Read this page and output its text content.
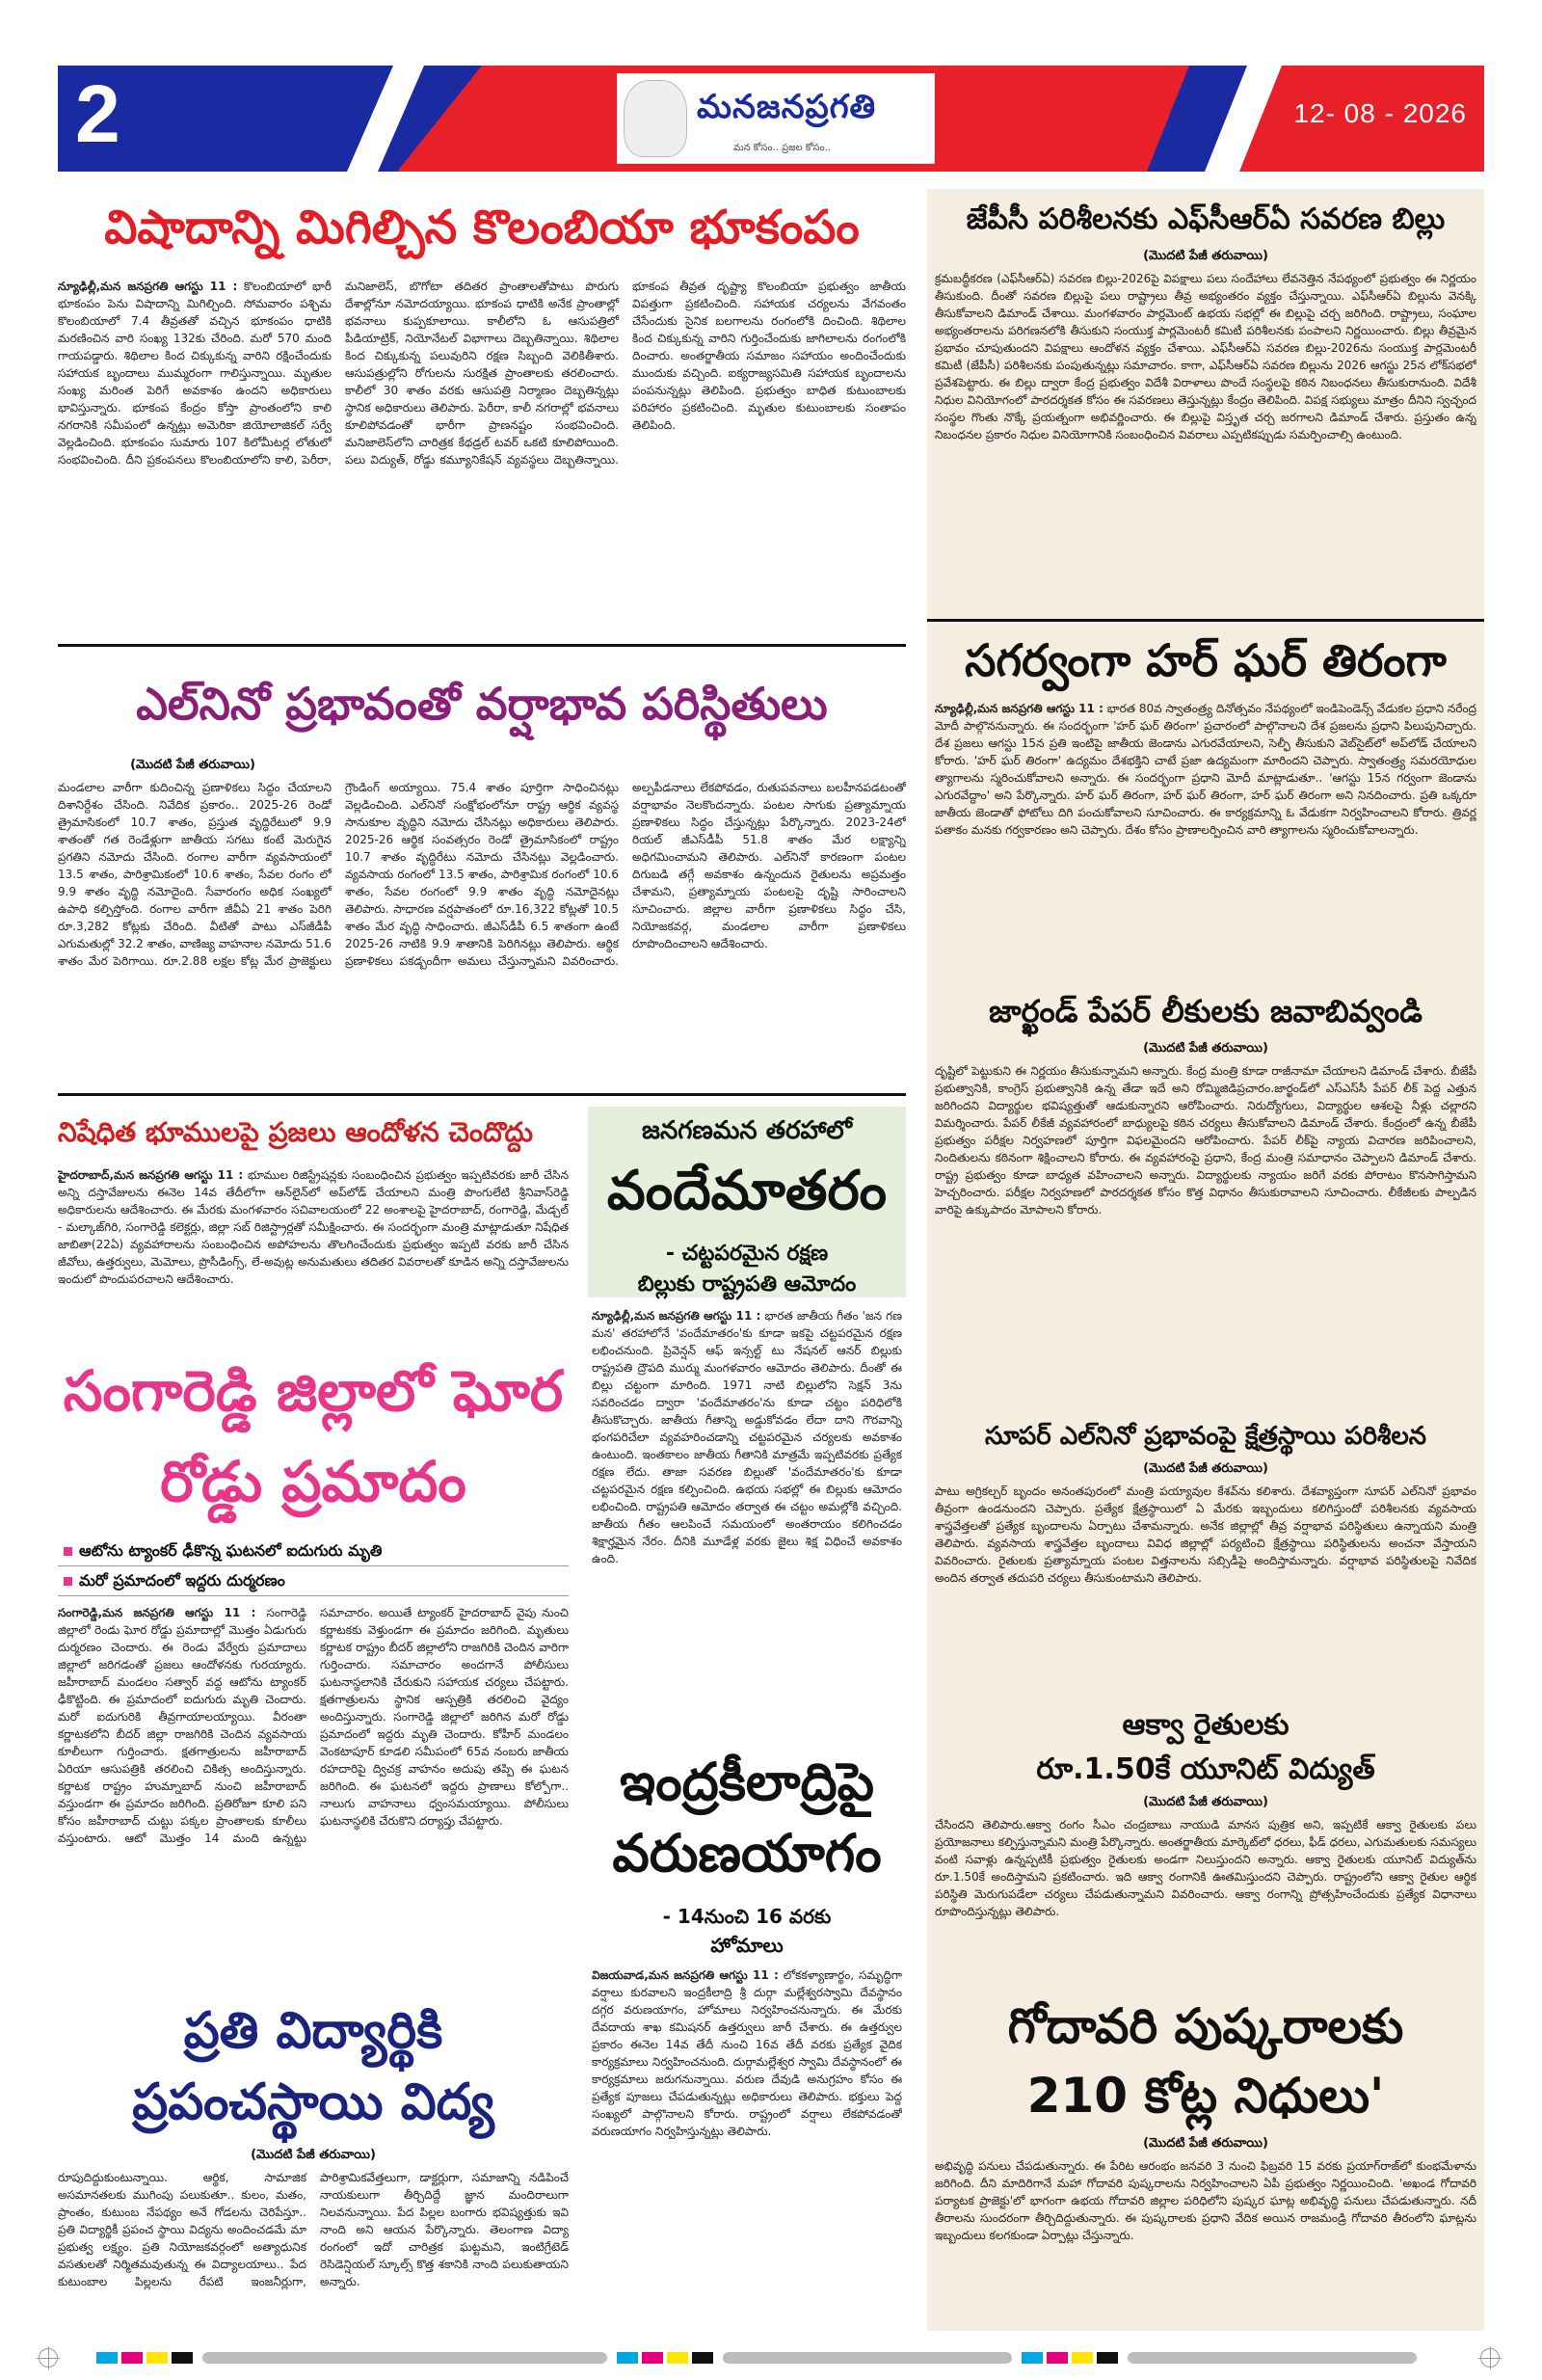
2	మనజనప్రగతి
మన కోసం.. ప్రజల కోసం..
12- 08 - 2026
విషాదాన్ని మిగిల్చిన కొలంబియా భూకంపం
న్యూఢిల్లీ,మన జనప్రగతి ఆగస్టు 11 : కొలంబియాలో భారీ భూకంపం పెను విషాదాన్ని మిగిల్చింది. సోమవారం పశ్చిమ కొలంబియాలో 7.4 తీవ్రతతో వచ్చిన భూకంపం ధాటికి మరణించిన వారి సంఖ్య 132కు చేరింది. మరో 570 మంది గాయపడ్డారు. శిథిలాల కింద చిక్కుకున్న వారిని రక్షించేందుకు సహాయక బృందాలు ముమ్మరంగా గాలిస్తున్నాయి. మృతుల సంఖ్య మరింత పెరిగే అవకాశం ఉందని అధికారులు భావిస్తున్నారు. భూకంప కేంద్రం కోస్తా ప్రాంతంలోని కాలి నగరానికి సమీపంలో ఉన్నట్లు అమెరికా జియోలాజికల్ సర్వే వెల్లడించింది. భూకంపం సుమారు 107 కిలోమీటర్ల లోతులో సంభవించింది. దీని ప్రకంపనలు కొలంబియాలోని కాలి, పెరీరా, మనిజాలెస్, బొగోటా తదితర ప్రాంతాలతోపాటు పొరుగు దేశాల్లోనూ నమోదయ్యాయి. భూకంప ధాటికి అనేక ప్రాంతాల్లో భవనాలు కుప్పకూలాయి. కాలీలోని ఓ ఆసుపత్రిలో పీడియాట్రిక్, నియోనేటల్ విభాగాలు దెబ్బతిన్నాయి. శిథిలాల కింద చిక్కుకున్న పలువురిని రక్షణ సిబ్బంది వెలికితీశారు. ఆసుపత్రుల్లోని రోగులను సురక్షిత ప్రాంతాలకు తరలించారు. కాలీలో 30 శాతం వరకు ఆసుపత్రి నిర్మాణం దెబ్బతిన్నట్లు స్థానిక అధికారులు తెలిపారు. పెరీరా, కాలీ నగరాల్లో భవనాలు కూలిపోవడంతో భారీగా ప్రాణనష్టం సంభవించింది. మనిజాలెస్‌లోని చారిత్రక కేథడ్రల్ టవర్ ఒకటి కూలిపోయింది. పలు విద్యుత్, రోడ్డు కమ్యూనికేషన్ వ్యవస్థలు దెబ్బతిన్నాయి. భూకంప తీవ్రత దృష్ట్యా కొలంబియా ప్రభుత్వం జాతీయ విపత్తుగా ప్రకటించింది. సహాయక చర్యలను వేగవంతం చేసేందుకు సైనిక బలగాలను రంగంలోకి దించింది. శిథిలాల కింద చిక్కుకున్న వారిని గుర్తించేందుకు జాగిలాలను రంగంలోకి దించారు. అంతర్జాతీయ సమాజం సహాయం అందించేందుకు ముందుకు వచ్చింది. ఐక్యరాజ్యసమితి సహాయక బృందాలను పంపనున్నట్లు తెలిపింది. ప్రభుత్వం బాధిత కుటుంబాలకు పరిహారం ప్రకటించింది. మృతుల కుటుంబాలకు సంతాపం తెలిపింది.
ఎల్‌నినో ప్రభావంతో వర్షాభావ పరిస్థితులు
(మొదటి పేజీ తరువాయి)
మండలాల వారీగా కుదించిన్న ప్రణాళికలు సిద్ధం చేయాలని దిశానిర్దేశం చేసింది. నివేదిక ప్రకారం.. 2025-26 రెండో త్రైమాసికంలో 10.7 శాతం, ప్రస్తుత వృద్ధిరేటులో 9.9 శాతంతో గత రెండేళ్లుగా జాతీయ సగటు కంటే మెరుగైన ప్రగతిని నమోదు చేసింది. రంగాల వారీగా వ్యవసాయంలో 13.5 శాతం, పారిశ్రామికంలో 10.6 శాతం, సేవల రంగం లో 9.9 శాతం వృద్ధి నమోదైంది. సేవారంగం అధిక సంఖ్యలో ఉపాధి కల్పిస్తోంది. రంగాల వారీగా జీవీఏ 21 శాతం పెరిగి రూ.3,282 కోట్లకు చేరింది. వీటితో పాటు ఎస్‌జీడీపీ ఎగుమతుల్లో 32.2 శాతం, వాణిజ్య వాహనాల నమోదు 51.6 శాతం మేర పెరిగాయి. రూ.2.88 లక్షల కోట్ల మేర ప్రాజెక్టులు గ్రౌండింగ్ అయ్యాయి. 75.4 శాతం పూర్తిగా సాధించినట్లు వెల్లడించింది. ఎల్‌నినో సంక్షోభంలోనూ రాష్ట్ర ఆర్థిక వ్యవస్థ సానుకూల వృద్ధిని నమోదు చేసినట్లు అధికారులు తెలిపారు. 2025-26 ఆర్థిక సంవత్సరం రెండో త్రైమాసికంలో రాష్ట్రం 10.7 శాతం వృద్ధిరేటు నమోదు చేసినట్లు వెల్లడించారు. వ్యవసాయ రంగంలో 13.5 శాతం, పారిశ్రామిక రంగంలో 10.6 శాతం, సేవల రంగంలో 9.9 శాతం వృద్ధి నమోదైనట్లు తెలిపారు. సాధారణ వర్షపాతంలో రూ.16,322 కోట్లతో 10.5 శాతం మేర వృద్ధి సాధించారు. జీఎస్‌డీపీ 6.5 శాతంగా ఉంటే 2025-26 నాటికి 9.9 శాతానికి పెరిగినట్లు తెలిపారు. ఆర్థిక ప్రణాళికలు పకడ్బందీగా అమలు చేస్తున్నామని వివరించారు. అల్పపీడనాలు లేకపోవడం, రుతుపవనాలు బలహీనపడటంతో వర్షాభావం నెలకొందన్నారు. పంటల సాగుకు ప్రత్యామ్నాయ ప్రణాళికలు సిద్ధం చేస్తున్నట్లు పేర్కొన్నారు. 2023-24లో రియల్ జీఎస్‌డీపీ 51.8 శాతం మేర లక్ష్యాన్ని అధిగమించామని తెలిపారు. ఎల్‌నినో కారణంగా పంటల దిగుబడి తగ్గే అవకాశం ఉన్నందున రైతులను అప్రమత్తం చేశామని, ప్రత్యామ్నాయ పంటలపై దృష్టి సారించాలని సూచించారు. జిల్లాల వారీగా ప్రణాళికలు సిద్ధం చేసి, నియోజకవర్గ, మండలాల వారీగా ప్రణాళికలు రూపొందించాలని ఆదేశించారు.
నిషేధిత భూములపై ప్రజలు ఆందోళన చెందొద్దు
హైదరాబాద్,మన జనప్రగతి ఆగస్టు 11 : భూముల రిజిస్ట్రేషన్లకు సంబంధించిన ప్రభుత్వం ఇప్పటివరకు జారీ చేసిన అన్ని దస్తావేజులను ఈనెల 14వ తేదీలోగా ఆన్‌లైన్‌లో అప్‌లోడ్ చేయాలని మంత్రి పొంగులేటి శ్రీనివాస్‌రెడ్డి అధికారులను ఆదేశించారు. ఈ మేరకు మంగళవారం సచివాలయంలో 22 అంశాలపై హైదరాబాద్, రంగారెడ్డి, మేడ్చల్ - మల్కాజ్‌గిరి, సంగారెడ్డి కలెక్టర్లు, జిల్లా సబ్ రిజిస్ట్రార్లతో సమీక్షించారు. ఈ సందర్భంగా మంత్రి మాట్లాడుతూ నిషేధిత జాబితా(22ఏ) వ్యవహారాలను సంబంధించిన అపోహలను తొలగించేందుకు ప్రభుత్వం ఇప్పటి వరకు జారీ చేసిన జీవోలు, ఉత్తర్వులు, మెమోలు, ప్రొసీడింగ్స్, లే-అవుట్ల అనుమతులు తదితర వివరాలతో కూడిన అన్ని దస్తావేజులను ఇందులో పొందుపరచాలని ఆదేశించారు.
సంగారెడ్డి జిల్లాలో ఘోర రోడ్డు ప్రమాదం
ఆటోను ట్యాంకర్ ఢీకొన్న ఘటనలో ఐదుగురు మృతి
మరో ప్రమాదంలో ఇద్దరు దుర్మరణం
సంగారెడ్డి,మన జనప్రగతి ఆగస్టు 11 : సంగారెడ్డి జిల్లాలో రెండు ఘోర రోడ్డు ప్రమాదాల్లో మొత్తం ఏడుగురు దుర్మరణం చెందారు. ఈ రెండు వేర్వేరు ప్రమాదాలు జిల్లాలో జరిగడంతో ప్రజలు ఆందోళనకు గురయ్యారు. జహీరాబాద్ మండలం సత్వార్ వద్ద ఆటోను ట్యాంకర్ ఢీకొట్టింది. ఈ ప్రమాదంలో ఐదుగురు మృతి చెందారు. మరో ఐదుగురికి తీవ్రగాయాలయ్యాయి. వీరంతా కర్ణాటకలోని బీదర్ జిల్లా రాజగిరికి చెందిన వ్యవసాయ కూలీలుగా గుర్తించారు. క్షతగాత్రులను జహీరాబాద్ ఏరియా ఆసుపత్రికి తరలించి చికిత్స అందిస్తున్నారు. కర్ణాటక రాష్ట్రం హుమ్నాబాద్ నుంచి జహీరాబాద్ వస్తుండగా ఈ ప్రమాదం జరిగింది. ప్రతిరోజూ కూలి పని కోసం జహీరాబాద్ చుట్టు పక్కల ప్రాంతాలకు కూలీలు వస్తుంటారు. ఆటో మొత్తం 14 మంది ఉన్నట్టు సమాచారం. అయితే ట్యాంకర్ హైదరాబాద్ వైపు నుంచి కర్ణాటకకు వెళ్తుండగా ఈ ప్రమాదం జరిగింది. మృతులు కర్ణాటక రాష్ట్రం బీదర్ జిల్లాలోని రాజగిరికి చెందిన వారిగా గుర్తించారు. సమాచారం అందగానే పోలీసులు ఘటనాస్థలానికి చేరుకుని సహాయక చర్యలు చేపట్టారు. క్షతగాత్రులను స్థానిక ఆస్పత్రికి తరలించి వైద్యం అందిస్తున్నారు. సంగారెడ్డి జిల్లాలో జరిగిన మరో రోడ్డు ప్రమాదంలో ఇద్దరు మృతి చెందారు. కోహీర్ మండలం వెంకటాపూర్ కూడలి సమీపంలో 65వ నంబరు జాతీయ రహదారిపై ద్విచక్ర వాహనం అదుపు తప్పి ఈ ఘటన జరిగింది. ఈ ఘటనలో ఇద్దరు ప్రాణాలు కోల్పోగా.. నాలుగు వాహనాలు ధ్వంసమయ్యాయి. పోలీసులు ఘటనాస్థలికి చేరుకొని దర్యాప్తు చేపట్టారు.
ప్రతి విద్యార్థికి ప్రపంచస్థాయి విద్య
(మొదటి పేజీ తరువాయి)
రూపుదిద్దుకుంటున్నాయి. ఆర్థిక, సామాజిక అసమానతలకు ముగింపు పలుకుతూ.. కులం, మతం, ప్రాంతం, కుటుంబ నేపథ్యం అనే గోడలను చెరిపేస్తూ.. ప్రతి విద్యార్థికీ ప్రపంచ స్థాయి విద్యను అందించడమే మా ప్రభుత్వ లక్ష్యం. ప్రతి నియోజకవర్గంలో అత్యాధునిక వసతులతో నిర్మితమవుతున్న ఈ విద్యాలయాలు.. పేద కుటుంబాల పిల్లలను రేపటి ఇంజనీర్లుగా, పారిశ్రామికవేత్తలుగా, డాక్టర్లుగా, సమాజాన్ని నడిపించే నాయకులుగా తీర్చిదిద్దే జ్ఞాన మందిరాలుగా నిలవనున్నాయి. పేద పిల్లల బంగారు భవిష్యత్తుకు ఇవి నాంది అని ఆయన పేర్కొన్నారు. తెలంగాణ విద్యా రంగంలో ఇదో చారిత్రక ఘట్టమని, ఇంటిగ్రేటెడ్ రెసిడెన్షియల్ స్కూల్స్ కొత్త శకానికి నాంది పలుకుతాయని అన్నారు.
జనగణమన తరహాలో
వందేమాతరం
- చట్టపరమైన రక్షణ
బిల్లుకు రాష్ట్రపతి ఆమోదం
న్యూఢిల్లీ,మన జనప్రగతి ఆగస్టు 11 : భారత జాతీయ గీతం 'జన గణ మన' తరహాలోనే 'వందేమాతరం'కు కూడా ఇకపై చట్టపరమైన రక్షణ లభించనుంది. ప్రివెన్షన్ ఆఫ్ ఇన్సల్ట్ టు నేషనల్ ఆనర్ బిల్లుకు రాష్ట్రపతి ద్రౌపది ముర్ము మంగళవారం ఆమోదం తెలిపారు. దీంతో ఈ బిల్లు చట్టంగా మారింది. 1971 నాటి బిల్లులోని సెక్షన్ 3ను సవరించడం ద్వారా 'వందేమాతరం'ను కూడా చట్టం పరిధిలోకి తీసుకొచ్చారు. జాతీయ గీతాన్ని అడ్డుకోవడం లేదా దాని గౌరవాన్ని భంగపరిచేలా వ్యవహరించడాన్ని చట్టపరమైన చర్యలకు అవకాశం ఉంటుంది. ఇంతకాలం జాతీయ గీతానికి మాత్రమే ఇప్పటివరకు ప్రత్యేక రక్షణ లేదు. తాజా సవరణ బిల్లుతో 'వందేమాతరం'కు కూడా చట్టపరమైన రక్షణ కల్పించింది. ఉభయ సభల్లో ఈ బిల్లుకు ఆమోదం లభించింది. రాష్ట్రపతి ఆమోదం తర్వాత ఈ చట్టం అమల్లోకి వచ్చింది. జాతీయ గీతం ఆలపించే సమయంలో అంతరాయం కలిగించడం శిక్షార్హమైన నేరం. దీనికి మూడేళ్ల వరకు జైలు శిక్ష విధించే అవకాశం ఉంది.
ఇంద్రకీలాద్రిపై వరుణయాగం
- 14నుంచి 16 వరకు
హోమాలు
విజయవాడ,మన జనప్రగతి ఆగస్టు 11 : లోకకళ్యాణార్థం, సమృద్ధిగా వర్షాలు కురవాలని ఇంద్రకీలాద్రి శ్రీ దుర్గా మల్లేశ్వరస్వామి దేవస్థానం దగ్గర వరుణయాగం, హోమాలు నిర్వహించనున్నారు. ఈ మేరకు దేవదాయ శాఖ కమిషనర్ ఉత్తర్వులు జారీ చేశారు. ఈ ఉత్తర్వుల ప్రకారం ఈనెల 14వ తేదీ నుంచి 16వ తేదీ వరకు ప్రత్యేక వైదిక కార్యక్రమాలు నిర్వహించనుంది. దుర్గామల్లేశ్వర స్వామి దేవస్థానంలో ఈ కార్యక్రమాలు జరుగనున్నాయి. వరుణ దేవుడి అనుగ్రహం కోసం ఈ ప్రత్యేక పూజలు చేపడుతున్నట్లు అధికారులు తెలిపారు. భక్తులు పెద్ద సంఖ్యలో పాల్గొనాలని కోరారు. రాష్ట్రంలో వర్షాలు లేకపోవడంతో వరుణయాగం నిర్వహిస్తున్నట్లు తెలిపారు.
జేపీసీ పరిశీలనకు ఎఫ్‌సీఆర్‌ఏ సవరణ బిల్లు
(మొదటి పేజీ తరువాయి)
క్రమబద్ధీకరణ (ఎఫ్‌సీఆర్‌ఏ) సవరణ బిల్లు-2026పై విపక్షాలు పలు సందేహాలు లేవనెత్తిన నేపథ్యంలో ప్రభుత్వం ఈ నిర్ణయం తీసుకుంది. దీంతో సవరణ బిల్లుపై పలు రాష్ట్రాలు తీవ్ర అభ్యంతరం వ్యక్తం చేస్తున్నాయి. ఎఫ్‌సీఆర్‌ఏ బిల్లును వెనక్కి తీసుకోవాలని డిమాండ్ చేశాయి. మంగళవారం పార్లమెంట్ ఉభయ సభల్లో ఈ బిల్లుపై చర్చ జరిగింది. రాష్ట్రాలు, సంఘాల అభ్యంతరాలను పరిగణనలోకి తీసుకుని సంయుక్త పార్లమెంటరీ కమిటీ పరిశీలనకు పంపాలని నిర్ణయించారు. బిల్లు తీవ్రమైన ప్రభావం చూపుతుందని విపక్షాలు ఆందోళన వ్యక్తం చేశాయి. ఎఫ్‌సీఆర్‌ఏ సవరణ బిల్లు-2026ను సంయుక్త పార్లమెంటరీ కమిటీ (జేపీసీ) పరిశీలనకు పంపుతున్నట్లు సమాచారం. కాగా, ఎఫ్‌సీఆర్‌ఏ సవరణ బిల్లును 2026 ఆగస్టు 25న లోక్‌సభలో ప్రవేశపెట్టారు. ఈ బిల్లు ద్వారా కేంద్ర ప్రభుత్వం విదేశీ విరాళాలు పొందే సంస్థలపై కఠిన నిబంధనలు తీసుకురానుంది. విదేశీ నిధుల వినియోగంలో పారదర్శకత కోసం ఈ సవరణలు తెస్తున్నట్లు కేంద్రం తెలిపింది. విపక్ష సభ్యులు మాత్రం దీనిని స్వచ్ఛంద సంస్థల గొంతు నొక్కే ప్రయత్నంగా అభివర్ణించారు. ఈ బిల్లుపై విస్తృత చర్చ జరగాలని డిమాండ్ చేశారు. ప్రస్తుతం ఉన్న నిబంధనల ప్రకారం నిధుల వినియోగానికి సంబంధించిన వివరాలు ఎప్పటికప్పుడు సమర్పించాల్సి ఉంటుంది.
సగర్వంగా హర్ ఘర్ తిరంగా
న్యూఢిల్లీ,మన జనప్రగతి ఆగస్టు 11 : భారత 80వ స్వాతంత్ర్య దినోత్సవం నేపథ్యంలో ఇండిపెండెన్స్ వేడుకల ప్రధాని నరేంద్ర మోదీ పాల్గొననున్నారు. ఈ సందర్భంగా 'హర్ ఘర్ తిరంగా' ప్రచారంలో పాల్గొనాలని దేశ ప్రజలను ప్రధాని పిలుపునిచ్చారు. దేశ ప్రజలు ఆగస్టు 15న ప్రతి ఇంటిపై జాతీయ జెండాను ఎగురవేయాలని, సెల్ఫీ తీసుకుని వెబ్‌సైట్‌లో అప్‌లోడ్ చేయాలని కోరారు. 'హర్ ఘర్ తిరంగా' ఉద్యమం దేశభక్తిని చాటే ప్రజా ఉద్యమంగా మారిందని చెప్పారు. స్వాతంత్ర్య సమరయోధుల త్యాగాలను స్మరించుకోవాలని అన్నారు. ఈ సందర్భంగా ప్రధాని మోదీ మాట్లాడుతూ.. 'ఆగస్టు 15న గర్వంగా జెండాను ఎగురవేద్దాం' అని పేర్కొన్నారు. హర్ ఘర్ తిరంగా, హర్ ఘర్ తిరంగా, హర్ ఘర్ తిరంగా అని నినదించారు. ప్రతి ఒక్కరూ జాతీయ జెండాతో ఫోటోలు దిగి పంచుకోవాలని సూచించారు. ఈ కార్యక్రమాన్ని ఓ వేడుకగా నిర్వహించాలని కోరారు. త్రివర్ణ పతాకం మనకు గర్వకారణం అని చెప్పారు. దేశం కోసం ప్రాణాలర్పించిన వారి త్యాగాలను స్మరించుకోవాలన్నారు.
జార్ఖండ్ పేపర్ లీకులకు జవాబివ్వండి
(మొదటి పేజీ తరువాయి)
దృష్టిలో పెట్టుకుని ఈ నిర్ణయం తీసుకున్నామని అన్నారు. కేంద్ర మంత్రి కూడా రాజీనామా చేయాలని డిమాండ్ చేశారు. బీజేపీ ప్రభుత్వానికి, కాంగ్రెస్ ప్రభుత్వానికి ఉన్న తేడా ఇదే అని రోమ్మిజిడిప్రచారం.జార్ఖండ్‌లో ఎస్ఎస్‌సీ పేపర్ లీక్ పెద్ద ఎత్తున జరిగిందని విద్యార్థుల భవిష్యత్తుతో ఆడుకున్నారని ఆరోపించారు. నిరుద్యోగులు, విద్యార్థుల ఆశలపై నీళ్లు చల్లారని విమర్శించారు. పేపర్ లీకేజీ వ్యవహారంలో బాధ్యులపై కఠిన చర్యలు తీసుకోవాలని డిమాండ్ చేశారు. కేంద్రంలో ఉన్న బీజేపీ ప్రభుత్వం పరీక్షల నిర్వహణలో పూర్తిగా విఫలమైందని ఆరోపించారు. పేపర్ లీక్‌పై న్యాయ విచారణ జరిపించాలని, నిందితులను కఠినంగా శిక్షించాలని కోరారు. ఈ వ్యవహారంపై ప్రధాని, కేంద్ర మంత్రి సమాధానం చెప్పాలని డిమాండ్ చేశారు. రాష్ట్ర ప్రభుత్వం కూడా బాధ్యత వహించాలని అన్నారు. విద్యార్థులకు న్యాయం జరిగే వరకు పోరాటం కొనసాగిస్తామని హెచ్చరించారు. పరీక్షల నిర్వహణలో పారదర్శకత కోసం కొత్త విధానం తీసుకురావాలని సూచించారు. లీకేజీలకు పాల్పడిన వారిపై ఉక్కుపాదం మోపాలని కోరారు.
సూపర్ ఎల్‌నినో ప్రభావంపై క్షేత్రస్థాయి పరిశీలన
(మొదటి పేజీ తరువాయి)
పాటు అగ్రికల్చర్ బృందం అనంతపురంలో మంత్రి పయ్యావుల కేశవ్‌ను కలిశారు. దేశవ్యాప్తంగా సూపర్ ఎల్‌నినో ప్రభావం తీవ్రంగా ఉండనుందని చెప్పారు. ప్రత్యేక క్షేత్రస్థాయిలో ఏ మేరకు ఇబ్బందులు కలిగిస్తుందో పరిశీలనకు వ్యవసాయ శాస్త్రవేత్తలతో ప్రత్యేక బృందాలను ఏర్పాటు చేశామన్నారు. అనేక జిల్లాల్లో తీవ్ర వర్షాభావ పరిస్థితులు ఉన్నాయని మంత్రి తెలిపారు. వ్యవసాయ శాస్త్రవేత్తల బృందాలు వివిధ జిల్లాల్లో పర్యటించి క్షేత్రస్థాయి పరిస్థితులను అంచనా వేస్తాయని వివరించారు. రైతులకు ప్రత్యామ్నాయ పంటల విత్తనాలను సబ్సిడీపై అందిస్తామన్నారు. వర్షాభావ పరిస్థితులపై నివేదిక అందిన తర్వాత తదుపరి చర్యలు తీసుకుంటామని తెలిపారు.
ఆక్వా రైతులకు
రూ.1.50కే యూనిట్ విద్యుత్
(మొదటి పేజీ తరువాయి)
చేసిందని తెలిపారు.ఆక్వా రంగం సీఎం చంద్రబాబు నాయుడి మానస పుత్రిక అని, ఇప్పటికే ఆక్వా రైతులకు పలు ప్రయోజనాలు కల్పిస్తున్నామని మంత్రి పేర్కొన్నారు. అంతర్జాతీయ మార్కెట్‌లో ధరలు, ఫీడ్ ధరలు, ఎగుమతులకు సమస్యలు వంటి సవాళ్లు ఉన్నప్పటికీ ప్రభుత్వం రైతులకు అండగా నిలుస్తుందని అన్నారు. ఆక్వా రైతులకు యూనిట్ విద్యుత్‌ను రూ.1.50కే అందిస్తామని ప్రకటించారు. ఇది ఆక్వా రంగానికి ఊతమిస్తుందని చెప్పారు. రాష్ట్రంలోని ఆక్వా రైతుల ఆర్థిక పరిస్థితి మెరుగుపడేలా చర్యలు చేపడుతున్నామని వివరించారు. ఆక్వా రంగాన్ని ప్రోత్సహించేందుకు ప్రత్యేక విధానాలు రూపొందిస్తున్నట్లు తెలిపారు.
గోదావరి పుష్కరాలకు
210 కోట్ల నిధులు'
(మొదటి పేజీ తరువాయి)
అభివృద్ధి పనులు చేపడుతున్నారు. ఈ పేరిట ఆరంభం జనవరి 3 నుంచి ఫిబ్రవరి 15 వరకు ప్రయాగ్‌రాజ్‌లో కుంభమేళాను జరిగింది. దీని మాదిరిగానే మహా గోదావరి పుష్కరాలను నిర్వహించాలని ఏపీ ప్రభుత్వం నిర్ణయించింది. 'అఖండ గోదావరి పర్యాటక ప్రాజెక్టు'లో భాగంగా ఉభయ గోదావరి జిల్లాల పరిధిలోని పుష్కర ఘాట్ల అభివృద్ధి పనులు చేపడుతున్నారు. నదీ తీరాలను సుందరంగా తీర్చిదిద్దుతున్నారు. ఈ పుష్కరాలకు ప్రధాని వేదిక అయిన రాజమండ్రి గోదావరి తీరంలోని ఘాట్లను ఇబ్బందులు కలగకుండా ఏర్పాట్లు చేస్తున్నారు.
